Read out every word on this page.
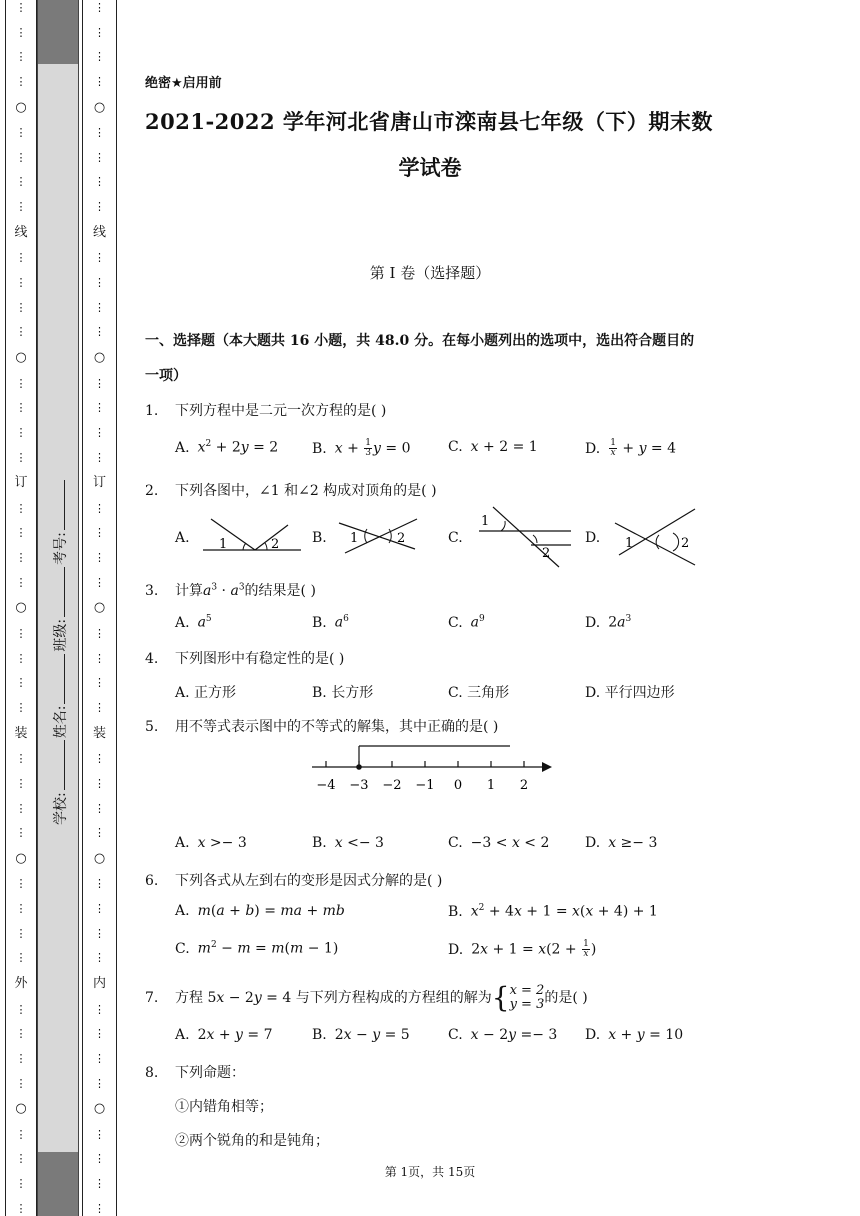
⋮
⋮
⋮
⋮
○
⋮
⋮
⋮
⋮
线
⋮
⋮
⋮
⋮
○
⋮
⋮
⋮
⋮
订
⋮
⋮
⋮
⋮
○
⋮
⋮
⋮
⋮
装
⋮
⋮
⋮
⋮
○
⋮
⋮
⋮
⋮
外
⋮
⋮
⋮
⋮
○
⋮
⋮
⋮
⋮
学校:
姓名:
班级:
考号:
⋮
⋮
⋮
⋮
○
⋮
⋮
⋮
⋮
线
⋮
⋮
⋮
⋮
○
⋮
⋮
⋮
⋮
订
⋮
⋮
⋮
⋮
○
⋮
⋮
⋮
⋮
装
⋮
⋮
⋮
⋮
○
⋮
⋮
⋮
⋮
内
⋮
⋮
⋮
⋮
○
⋮
⋮
⋮
⋮
绝密★启用前
2021-2022 学年河北省唐山市滦南县七年级（下）期末数
学试卷
第 I 卷（选择题）
一、选择题（本大题共 16 小题，共 48.0 分。在每小题列出的选项中，选出符合题目的
一项）
1. 下列方程中是二元一次方程的是( )
A. $x^2 + 2y = 2$ B. $x + \frac{1}{3}$ y = 0	C. x + 2 = 1	D. $\frac{1}{x} + y = 4$
2. 下列各图中，∠1 和∠2 构成对顶角的是( )
A.	1	2 B.	1	2	C.
1
2
D.	1	2
3. 计算$a^3 \cdot a^3$的结果是( )
A. $a^5$	B. $a^6$	C. $a^9$	D. $2a^3$
4. 下列图形中有稳定性的是( )
A. 正方形	B. 长方形	C. 三角形	D. 平行四边形
5. 用不等式表示图中的不等式的解集，其中正确的是( )
−4 −3 −2 −1 0 1 2
A. x >− 3	B. x <− 3	C. −3 < x < 2	D. x ≥− 3
6. 下列各式从左到右的变形是因式分解的是( )
A. m(a + b) = ma + mb	B. $x^2 + 4x + 1 = x(x + 4) + 1$
C. $m^2 - m = m(m - 1)$	D. $2x + 1 = x(2 + \frac{1}{x}$ )
7. 方程 5x − 2y = 4 与下列方程构成的方程组的解为 { x = 2
y = 3 的是( )
A. 2x + y = 7	B. 2x − y = 5	C. x − 2y =− 3 D. x + y = 10
8. 下列命题：
①内错角相等；
②两个锐角的和是钝角；
第 1页，共 15页
